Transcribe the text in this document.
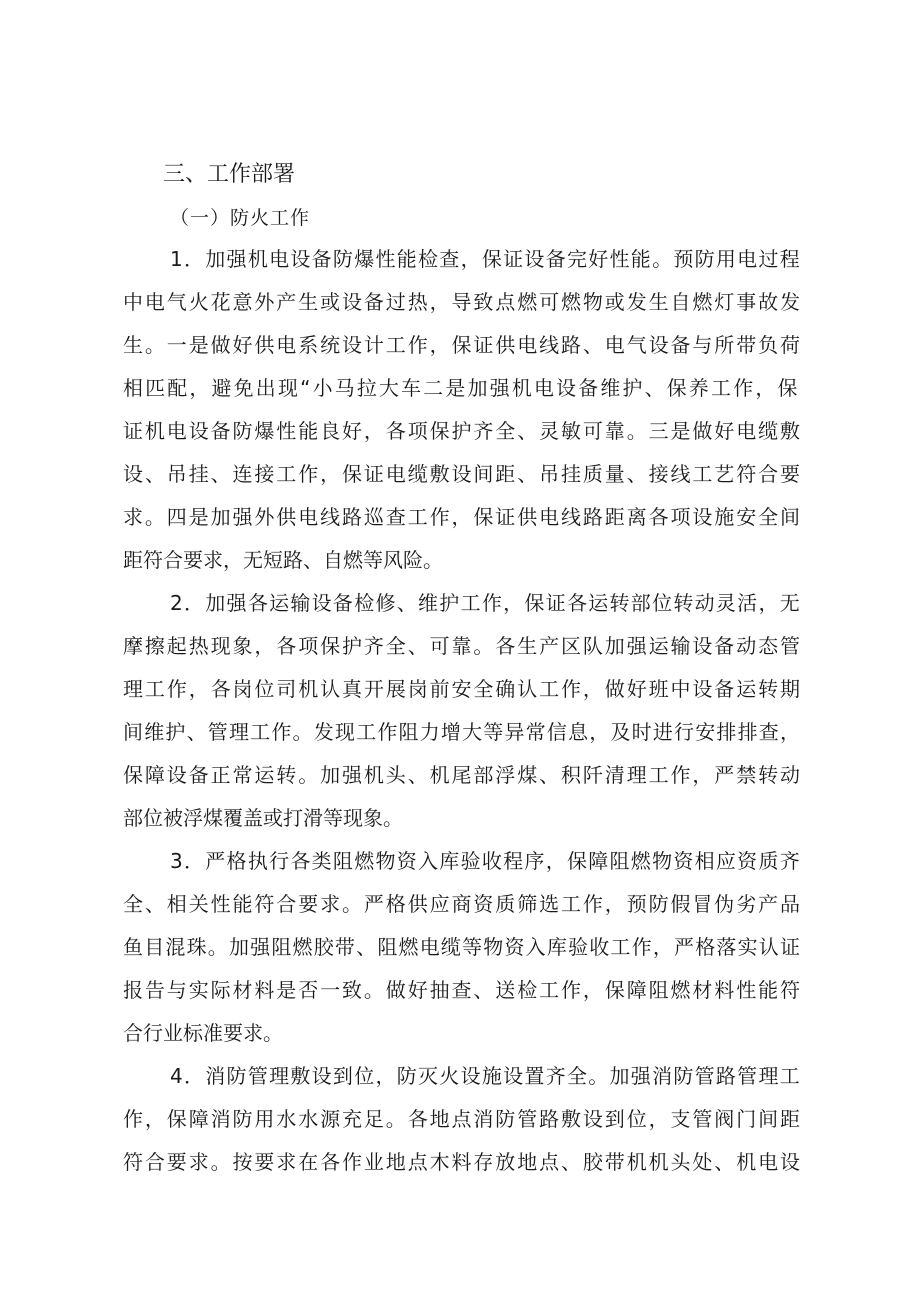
三、工作部署
（一）防火工作
1．加强机电设备防爆性能检查，保证设备完好性能。预防用电过程
中电气火花意外产生或设备过热，导致点燃可燃物或发生自燃灯事故发
生。一是做好供电系统设计工作，保证供电线路、电气设备与所带负荷
相匹配，避免出现“小马拉大车二是加强机电设备维护、保养工作，保
证机电设备防爆性能良好，各项保护齐全、灵敏可靠。三是做好电缆敷
设、吊挂、连接工作，保证电缆敷设间距、吊挂质量、接线工艺符合要
求。四是加强外供电线路巡查工作，保证供电线路距离各项设施安全间
距符合要求，无短路、自燃等风险。
2．加强各运输设备检修、维护工作，保证各运转部位转动灵活，无
摩擦起热现象，各项保护齐全、可靠。各生产区队加强运输设备动态管
理工作，各岗位司机认真开展岗前安全确认工作，做好班中设备运转期
间维护、管理工作。发现工作阻力增大等异常信息，及时进行安排排查，
保障设备正常运转。加强机头、机尾部浮煤、积阡清理工作，严禁转动
部位被浮煤覆盖或打滑等现象。
3．严格执行各类阻燃物资入库验收程序，保障阻燃物资相应资质齐
全、相关性能符合要求。严格供应商资质筛选工作，预防假冒伪劣产品
鱼目混珠。加强阻燃胶带、阻燃电缆等物资入库验收工作，严格落实认证
报告与实际材料是否一致。做好抽查、送检工作，保障阻燃材料性能符
合行业标准要求。
4．消防管理敷设到位，防灭火设施设置齐全。加强消防管路管理工
作，保障消防用水水源充足。各地点消防管路敷设到位，支管阀门间距
符合要求。按要求在各作业地点木料存放地点、胶带机机头处、机电设
